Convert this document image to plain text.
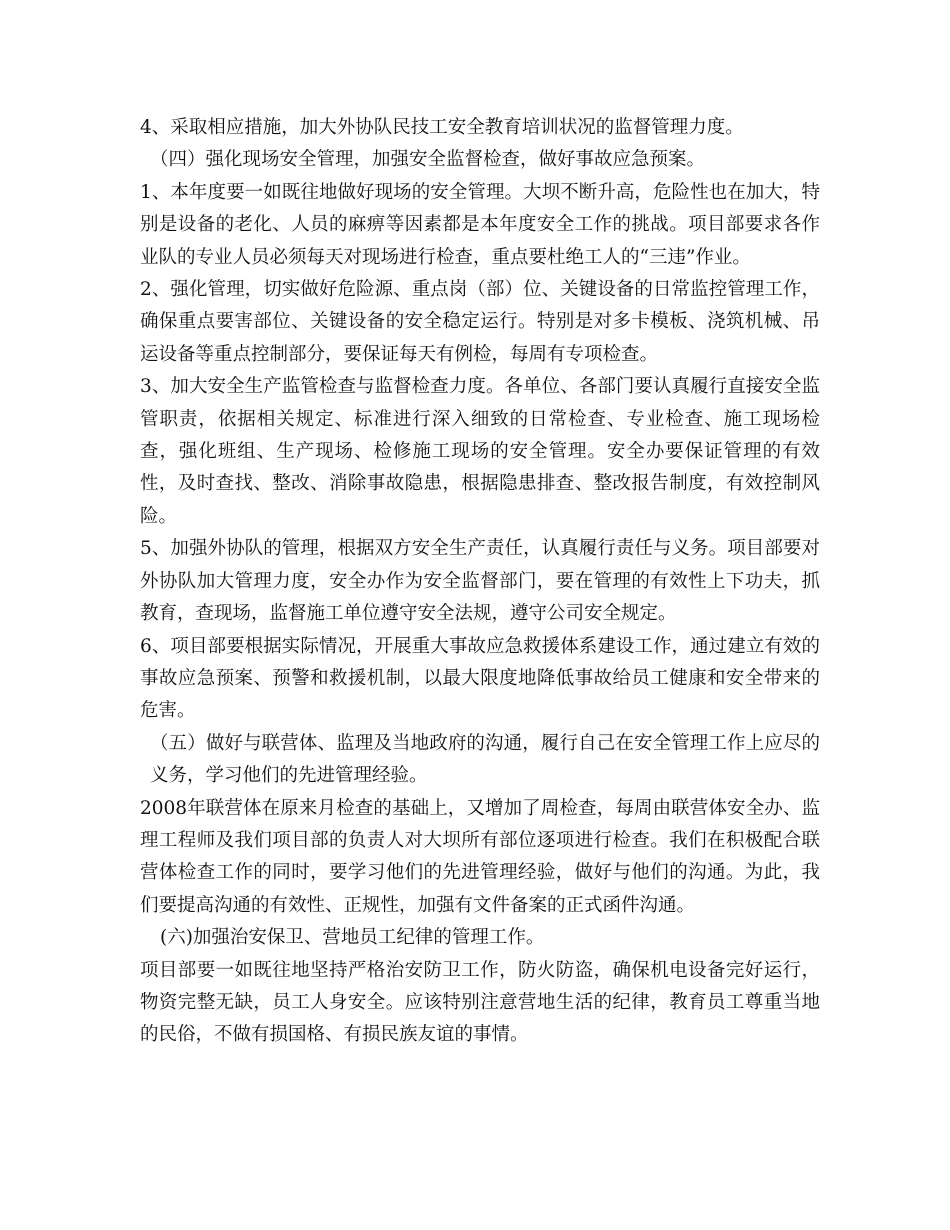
4、采取相应措施，加大外协队民技工安全教育培训状况的监督管理力度。

（四）强化现场安全管理，加强安全监督检查，做好事故应急预案。

1、本年度要一如既往地做好现场的安全管理。大坝不断升高，危险性也在加大，特别是设备的老化、人员的麻痹等因素都是本年度安全工作的挑战。项目部要求各作业队的专业人员必须每天对现场进行检查，重点要杜绝工人的“三违”作业。

2、强化管理，切实做好危险源、重点岗（部）位、关键设备的日常监控管理工作，确保重点要害部位、关键设备的安全稳定运行。特别是对多卡模板、浇筑机械、吊运设备等重点控制部分，要保证每天有例检，每周有专项检查。

3、加大安全生产监管检查与监督检查力度。各单位、各部门要认真履行直接安全监管职责，依据相关规定、标准进行深入细致的日常检查、专业检查、施工现场检查，强化班组、生产现场、检修施工现场的安全管理。安全办要保证管理的有效性，及时查找、整改、消除事故隐患，根据隐患排查、整改报告制度，有效控制风险。

5、加强外协队的管理，根据双方安全生产责任，认真履行责任与义务。项目部要对外协队加大管理力度，安全办作为安全监督部门，要在管理的有效性上下功夫，抓教育，查现场，监督施工单位遵守安全法规，遵守公司安全规定。

6、项目部要根据实际情况，开展重大事故应急救援体系建设工作，通过建立有效的事故应急预案、预警和救援机制，以最大限度地降低事故给员工健康和安全带来的危害。

（五）做好与联营体、监理及当地政府的沟通，履行自己在安全管理工作上应尽的义务，学习他们的先进管理经验。

2008年联营体在原来月检查的基础上，又增加了周检查，每周由联营体安全办、监理工程师及我们项目部的负责人对大坝所有部位逐项进行检查。我们在积极配合联营体检查工作的同时，要学习他们的先进管理经验，做好与他们的沟通。为此，我们要提高沟通的有效性、正规性，加强有文件备案的正式函件沟通。

(六)加强治安保卫、营地员工纪律的管理工作。

项目部要一如既往地坚持严格治安防卫工作，防火防盗，确保机电设备完好运行，物资完整无缺，员工人身安全。应该特别注意营地生活的纪律，教育员工尊重当地的民俗，不做有损国格、有损民族友谊的事情。
